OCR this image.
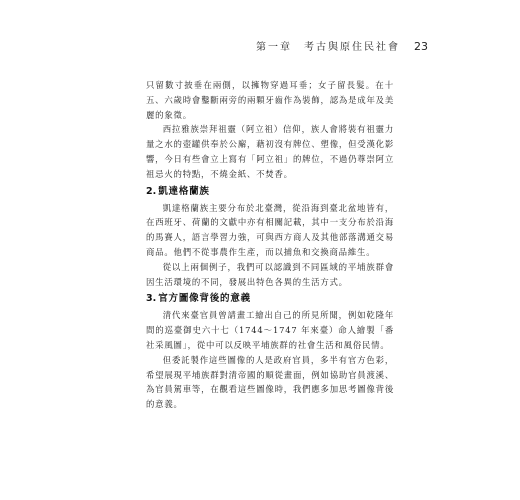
第一章　考古與原住民社會 23

只留數寸披垂在兩側，以擁物穿過耳垂；女子留長髮。在十五、六歲時會鑿斷兩旁的兩顆牙齒作為裝飾，認為是成年及美麗的象徵。

西拉雅族崇拜祖靈（阿立祖）信仰，族人會將裝有祖靈力量之水的壺罐供奉於公廨，藉初沒有牌位、塑像，但受漢化影響，今日有些會立上寫有「阿立祖」的牌位，不過仍尊崇阿立祖忌火的特點，不燒金紙、不焚香。

2. 凱達格蘭族

凱達格蘭族主要分布於北臺灣，從沿海到臺北盆地皆有，在西班牙、荷蘭的文獻中亦有相關記載，其中一支分布於沿海的馬賽人，語言學習力強，可與西方商人及其他部落溝通交易商品。他們不從事農作生產，而以捕魚和交換商品維生。

從以上兩個例子，我們可以認識到不同區域的平埔族群會因生活環境的不同，發展出特色各異的生活方式。

3. 官方圖像背後的意義

清代來臺官員曾請畫工繪出自己的所見所聞，例如乾隆年間的巡臺御史六十七（1744～1747 年來臺）命人繪製「番社采風圖」，從中可以反映平埔族群的社會生活和風俗民情。

但委託製作這些圖像的人是政府官員，多半有官方色彩，希望展現平埔族群對清帝國的順從畫面，例如協助官員渡溪、為官員駕車等，在觀看這些圖像時，我們應多加思考圖像背後的意義。
